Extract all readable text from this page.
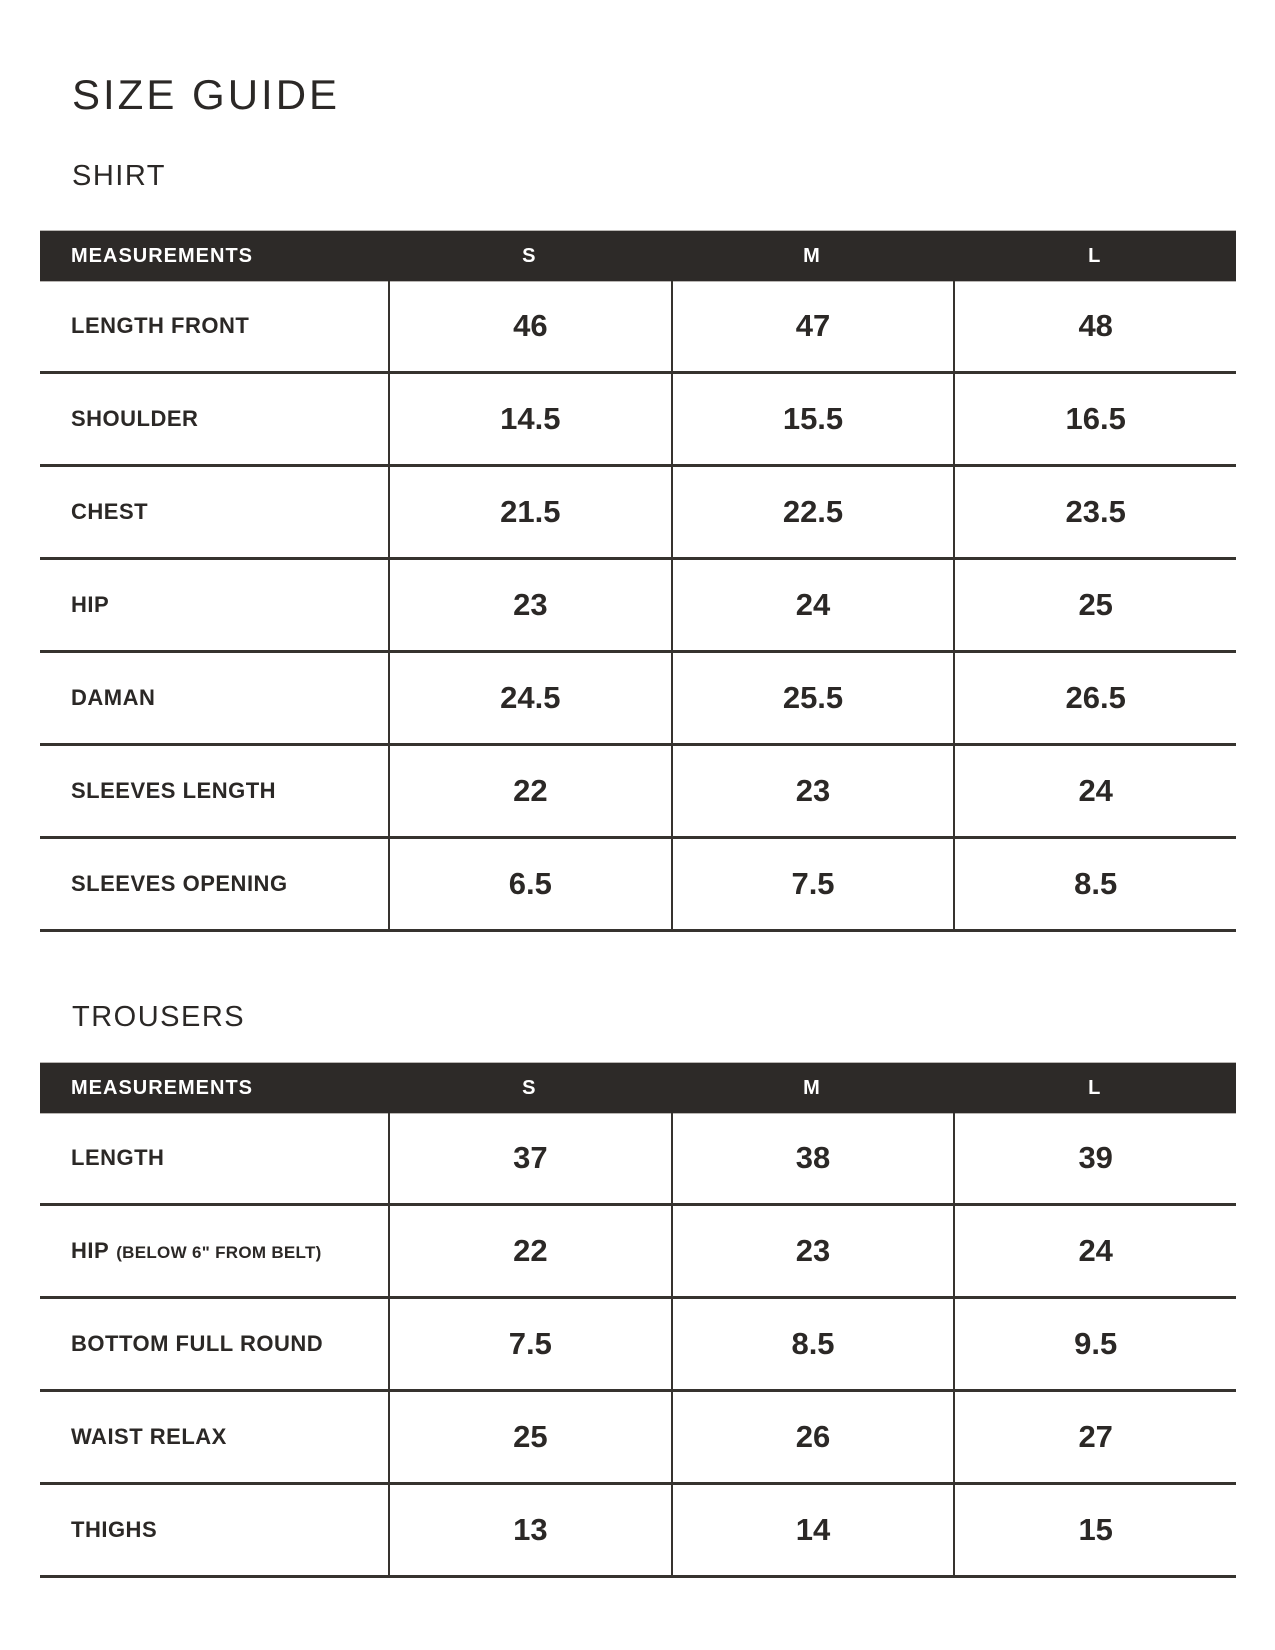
SIZE GUIDE
SHIRT
MEASUREMENTS	S	M	L
LENGTH FRONT	46	47	48
SHOULDER	14.5	15.5	16.5
CHEST	21.5	22.5	23.5
HIP	23	24	25
DAMAN	24.5	25.5	26.5
SLEEVES LENGTH	22	23	24
SLEEVES OPENING	6.5	7.5	8.5
TROUSERS
MEASUREMENTS	S	M	L
LENGTH	37	38	39
HIP (BELOW 6" FROM BELT)	22	23	24
BOTTOM FULL ROUND	7.5	8.5	9.5
WAIST RELAX	25	26	27
THIGHS	13	14	15
